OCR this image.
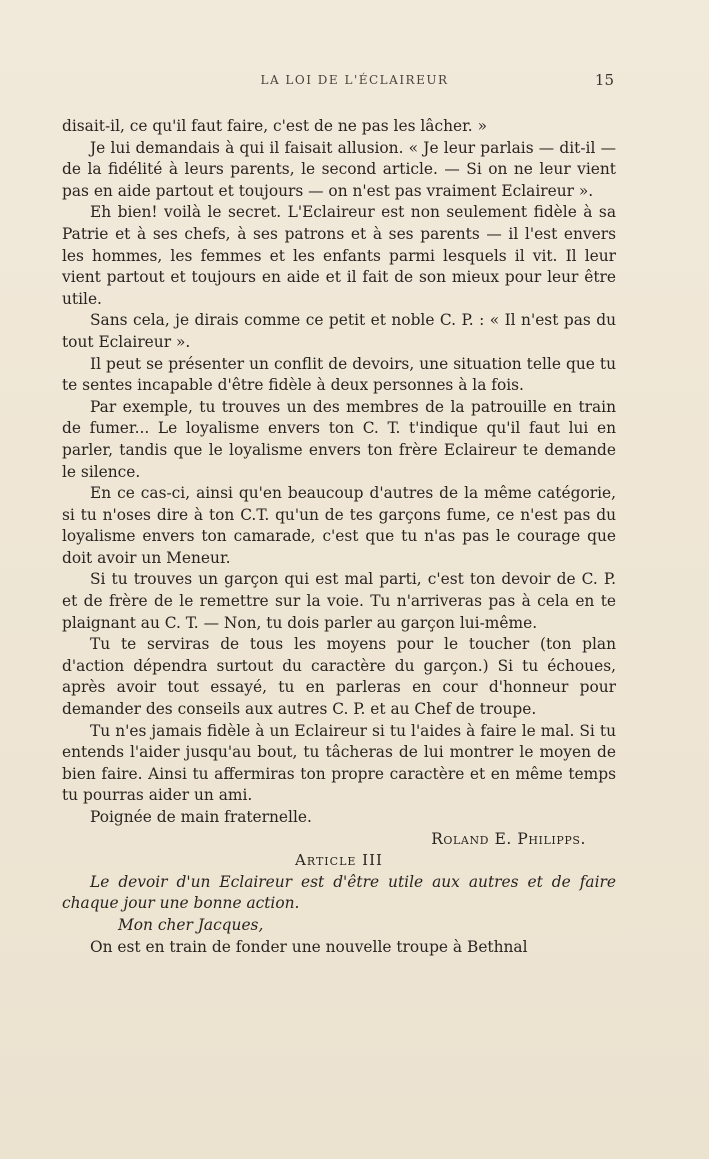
LA LOI DE L'ÉCLAIREUR	15

disait-il, ce qu'il faut faire, c'est de ne pas les lâcher. »

Je lui demandais à qui il faisait allusion. « Je leur parlais — dit-il — de la fidélité à leurs parents, le second article. — Si on ne leur vient pas en aide partout et toujours — on n'est pas vraiment Eclaireur ».

Eh bien! voilà le secret. L'Eclaireur est non seulement fidèle à sa Patrie et à ses chefs, à ses patrons et à ses parents — il l'est envers les hommes, les femmes et les enfants parmi lesquels il vit. Il leur vient partout et toujours en aide et il fait de son mieux pour leur être utile.

Sans cela, je dirais comme ce petit et noble C. P. : « Il n'est pas du tout Eclaireur ».

Il peut se présenter un conflit de devoirs, une situation telle que tu te sentes incapable d'être fidèle à deux personnes à la fois.

Par exemple, tu trouves un des membres de la patrouille en train de fumer... Le loyalisme envers ton C. T. t'indique qu'il faut lui en parler, tandis que le loyalisme envers ton frère Eclaireur te demande le silence.

En ce cas-ci, ainsi qu'en beaucoup d'autres de la même catégorie, si tu n'oses dire à ton C.T. qu'un de tes garçons fume, ce n'est pas du loyalisme envers ton camarade, c'est que tu n'as pas le courage que doit avoir un Meneur.

Si tu trouves un garçon qui est mal parti, c'est ton devoir de C. P. et de frère de le remettre sur la voie. Tu n'arriveras pas à cela en te plaignant au C. T. — Non, tu dois parler au garçon lui-même.

Tu te serviras de tous les moyens pour le toucher (ton plan d'action dépendra surtout du caractère du garçon.) Si tu échoues, après avoir tout essayé, tu en parleras en cour d'honneur pour demander des conseils aux autres C. P. et au Chef de troupe.

Tu n'es jamais fidèle à un Eclaireur si tu l'aides à faire le mal. Si tu entends l'aider jusqu'au bout, tu tâcheras de lui montrer le moyen de bien faire. Ainsi tu affermiras ton propre caractère et en même temps tu pourras aider un ami.

Poignée de main fraternelle.

Roland E. Philipps.

Article III

Le devoir d'un Eclaireur est d'être utile aux autres et de faire chaque jour une bonne action.

Mon cher Jacques,

On est en train de fonder une nouvelle troupe à Bethnal
